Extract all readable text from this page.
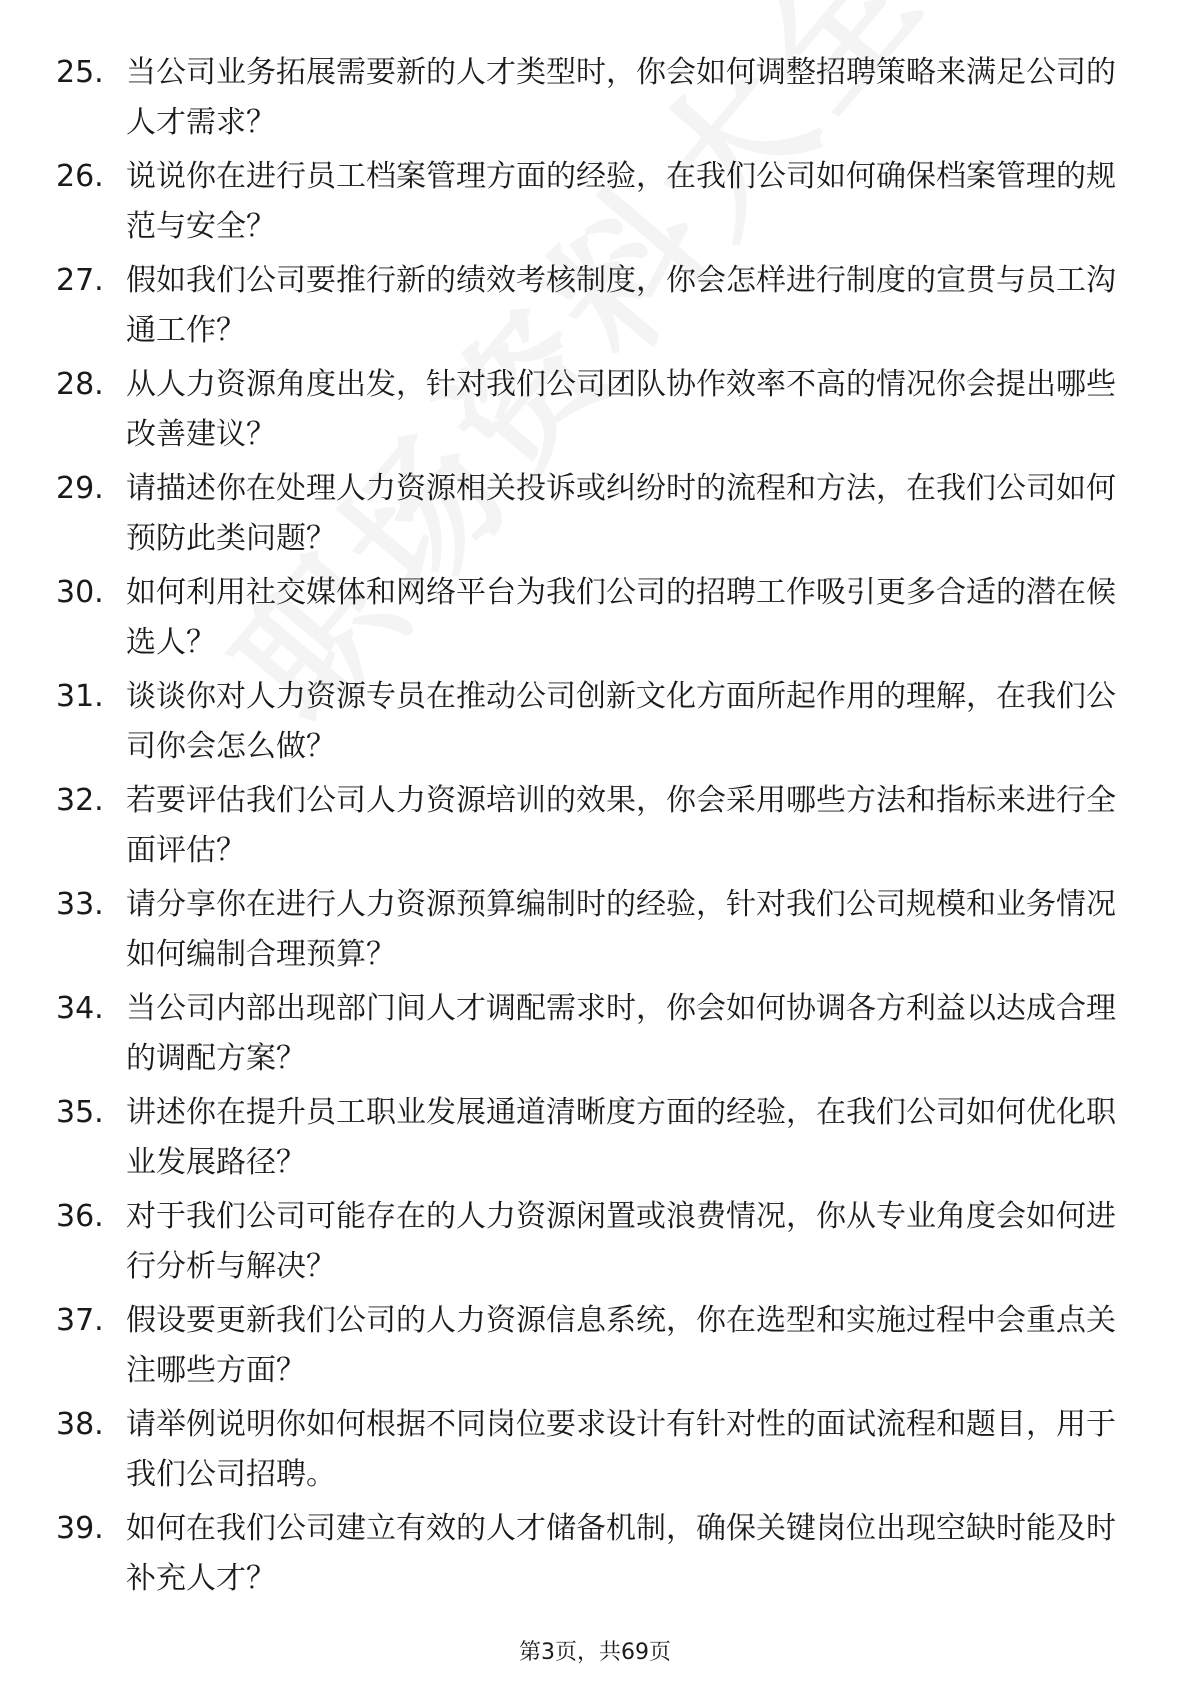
25. 当公司业务拓展需要新的人才类型时，你会如何调整招聘策略来满足公司的人才需求？
26. 说说你在进行员工档案管理方面的经验，在我们公司如何确保档案管理的规范与安全？
27. 假如我们公司要推行新的绩效考核制度，你会怎样进行制度的宣贯与员工沟通工作？
28. 从人力资源角度出发，针对我们公司团队协作效率不高的情况你会提出哪些改善建议？
29. 请描述你在处理人力资源相关投诉或纠纷时的流程和方法，在我们公司如何预防此类问题？
30. 如何利用社交媒体和网络平台为我们公司的招聘工作吸引更多合适的潜在候选人？
31. 谈谈你对人力资源专员在推动公司创新文化方面所起作用的理解，在我们公司你会怎么做？
32. 若要评估我们公司人力资源培训的效果，你会采用哪些方法和指标来进行全面评估？
33. 请分享你在进行人力资源预算编制时的经验，针对我们公司规模和业务情况如何编制合理预算？
34. 当公司内部出现部门间人才调配需求时，你会如何协调各方利益以达成合理的调配方案？
35. 讲述你在提升员工职业发展通道清晰度方面的经验，在我们公司如何优化职业发展路径？
36. 对于我们公司可能存在的人力资源闲置或浪费情况，你从专业角度会如何进行分析与解决？
37. 假设要更新我们公司的人力资源信息系统，你在选型和实施过程中会重点关注哪些方面？
38. 请举例说明你如何根据不同岗位要求设计有针对性的面试流程和题目，用于我们公司招聘。
39. 如何在我们公司建立有效的人才储备机制，确保关键岗位出现空缺时能及时补充人才？
第3页，共69页
